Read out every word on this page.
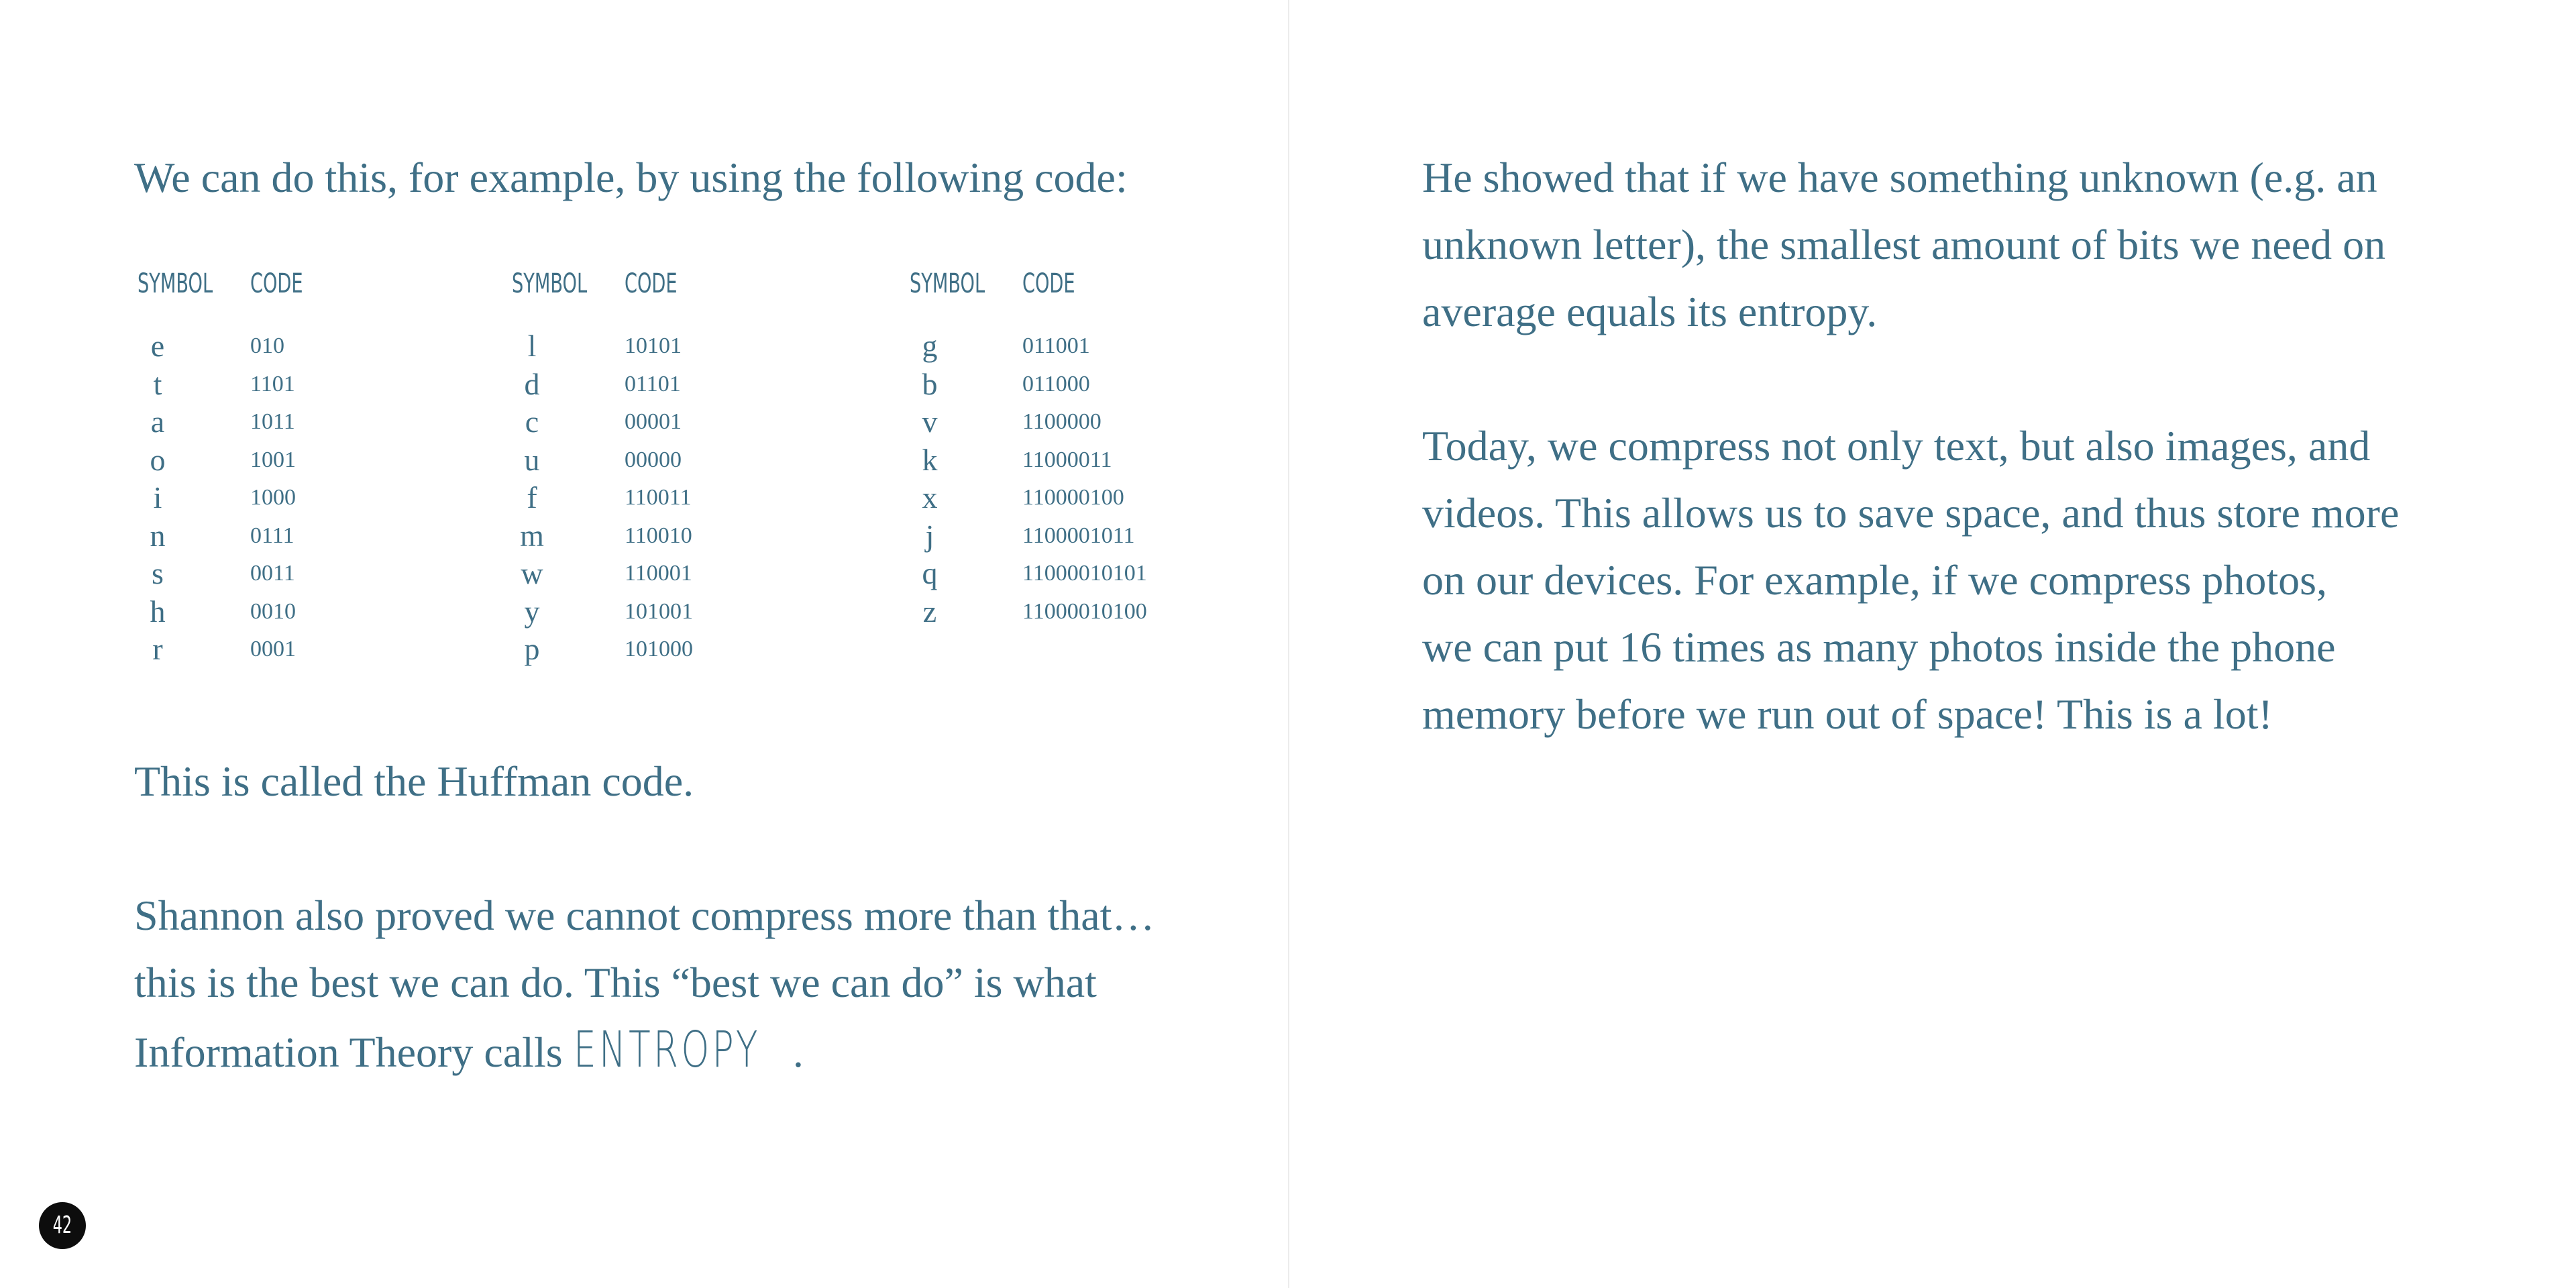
We can do this, for example, by using the following code:

SYMBOL CODE
e	010
t	1101
a	1011
o	1001
i	1000
n	0111
s	0011
h	0010
r	0001
SYMBOL CODE
l	10101
d	01101
c	00001
u	00000
f	110011
m	110010
w	110001
y	101001
p	101000
SYMBOL CODE
g	011001
b	011000
v	1100000
k	11000011
x	110000100
j	1100001011
q	11000010101
z	11000010100

This is called the Huffman code.

Shannon also proved we cannot compress more than that…
this is the best we can do. This “best we can do” is what
Information Theory calls ENTROPY .

42

He showed that if we have something unknown (e.g. an
unknown letter), the smallest amount of bits we need on
average equals its entropy.

Today, we compress not only text, but also images, and
videos. This allows us to save space, and thus store more
on our devices. For example, if we compress photos,
we can put 16 times as many photos inside the phone
memory before we run out of space! This is a lot!
